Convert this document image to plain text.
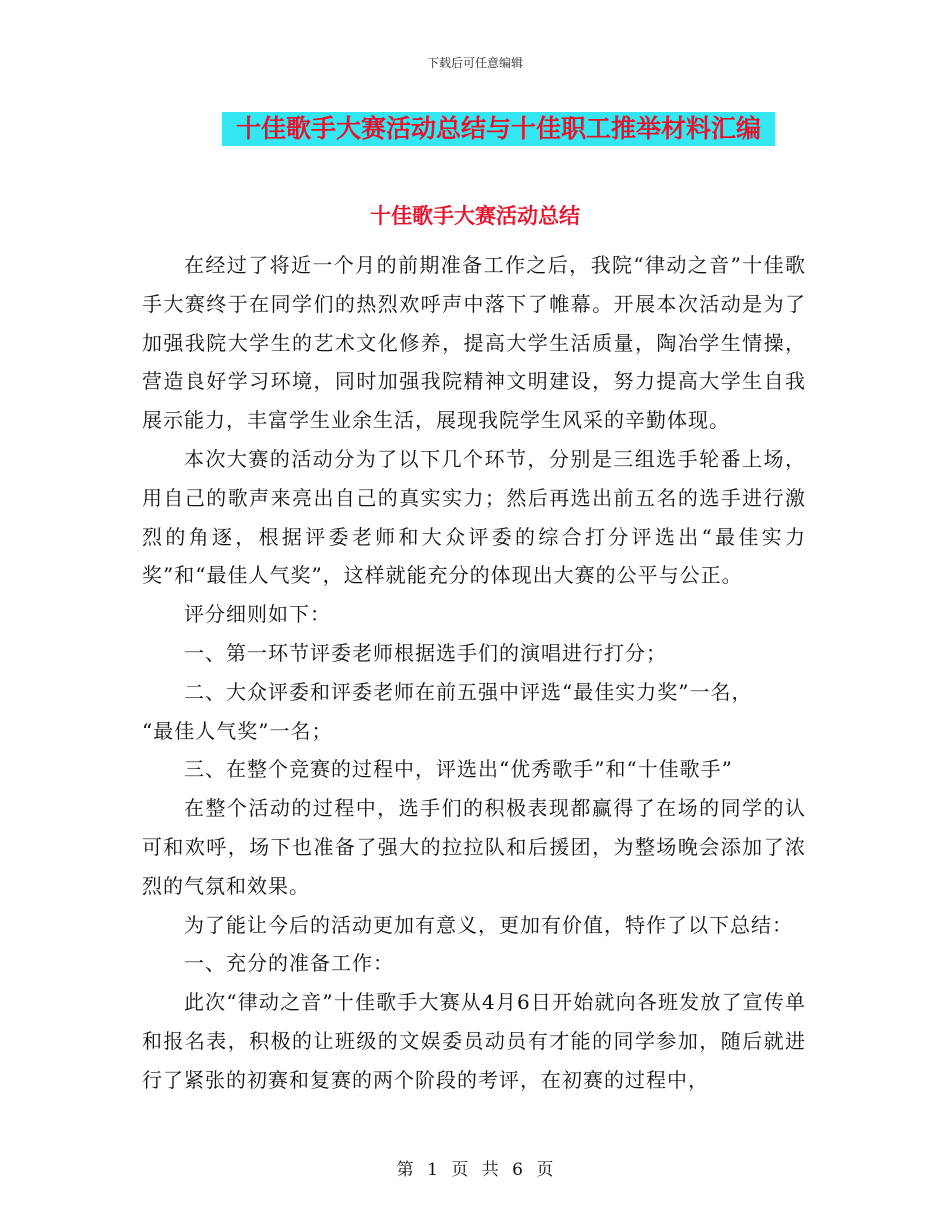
下载后可任意编辑
十佳歌手大赛活动总结与十佳职工推举材料汇编
十佳歌手大赛活动总结

在经过了将近一个月的前期准备工作之后，我院“律动之音”十佳歌手大赛终于在同学们的热烈欢呼声中落下了帷幕。开展本次活动是为了加强我院大学生的艺术文化修养，提高大学生活质量，陶冶学生情操，营造良好学习环境，同时加强我院精神文明建设，努力提高大学生自我展示能力，丰富学生业余生活，展现我院学生风采的辛勤体现。

本次大赛的活动分为了以下几个环节，分别是三组选手轮番上场，用自己的歌声来亮出自己的真实实力；然后再选出前五名的选手进行激烈的角逐，根据评委老师和大众评委的综合打分评选出“最佳实力奖”和“最佳人气奖”，这样就能充分的体现出大赛的公平与公正。

评分细则如下：

一、第一环节评委老师根据选手们的演唱进行打分；

二、大众评委和评委老师在前五强中评选“最佳实力奖”一名，

“最佳人气奖”一名；

三、在整个竞赛的过程中，评选出“优秀歌手”和“十佳歌手”

在整个活动的过程中，选手们的积极表现都赢得了在场的同学的认可和欢呼，场下也准备了强大的拉拉队和后援团，为整场晚会添加了浓烈的气氛和效果。

为了能让今后的活动更加有意义，更加有价值，特作了以下总结：

一、充分的准备工作：

此次“律动之音”十佳歌手大赛从4月6日开始就向各班发放了宣传单和报名表，积极的让班级的文娱委员动员有才能的同学参加，随后就进行了紧张的初赛和复赛的两个阶段的考评，在初赛的过程中，

第 1 页 共 6 页
